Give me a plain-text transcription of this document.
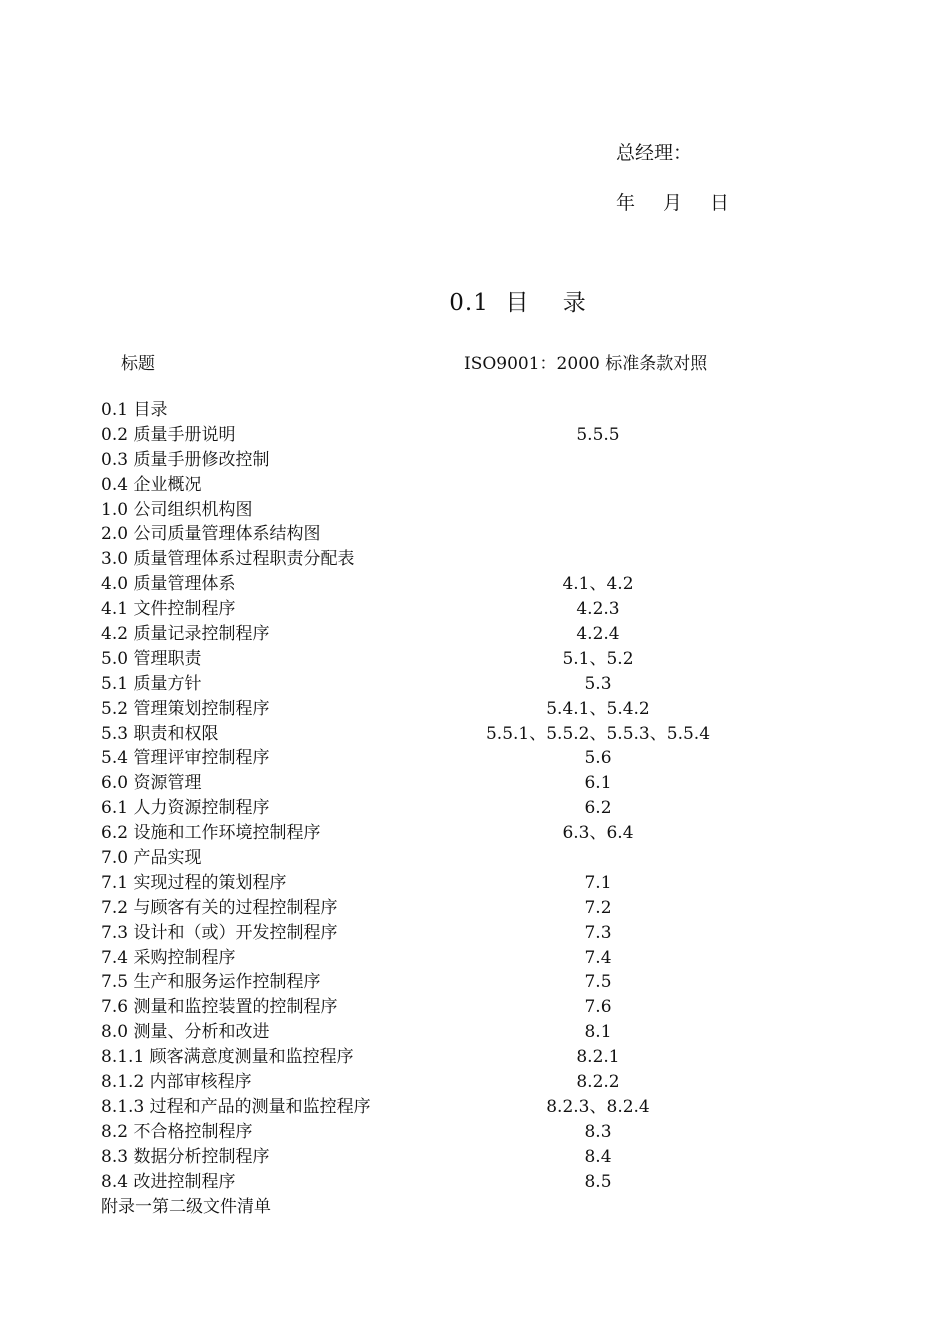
总经理：
年 月 日
0.1  目    录
标题	ISO9001：2000 标准条款对照
0.1 目录
0.2 质量手册说明	5.5.5
0.3 质量手册修改控制
0.4 企业概况
1.0 公司组织机构图
2.0 公司质量管理体系结构图
3.0 质量管理体系过程职责分配表
4.0 质量管理体系	4.1、4.2
4.1 文件控制程序	4.2.3
4.2 质量记录控制程序	4.2.4
5.0 管理职责	5.1、5.2
5.1 质量方针	5.3
5.2 管理策划控制程序	5.4.1、5.4.2
5.3 职责和权限	5.5.1、5.5.2、5.5.3、5.5.4
5.4 管理评审控制程序	5.6
6.0 资源管理	6.1
6.1 人力资源控制程序	6.2
6.2 设施和工作环境控制程序	6.3、6.4
7.0 产品实现
7.1 实现过程的策划程序	7.1
7.2 与顾客有关的过程控制程序	7.2
7.3 设计和（或）开发控制程序	7.3
7.4 采购控制程序	7.4
7.5 生产和服务运作控制程序	7.5
7.6 测量和监控装置的控制程序	7.6
8.0 测量、分析和改进	8.1
8.1.1 顾客满意度测量和监控程序	8.2.1
8.1.2 内部审核程序	8.2.2
8.1.3 过程和产品的测量和监控程序	8.2.3、8.2.4
8.2 不合格控制程序	8.3
8.3 数据分析控制程序	8.4
8.4 改进控制程序	8.5
附录一第二级文件清单
